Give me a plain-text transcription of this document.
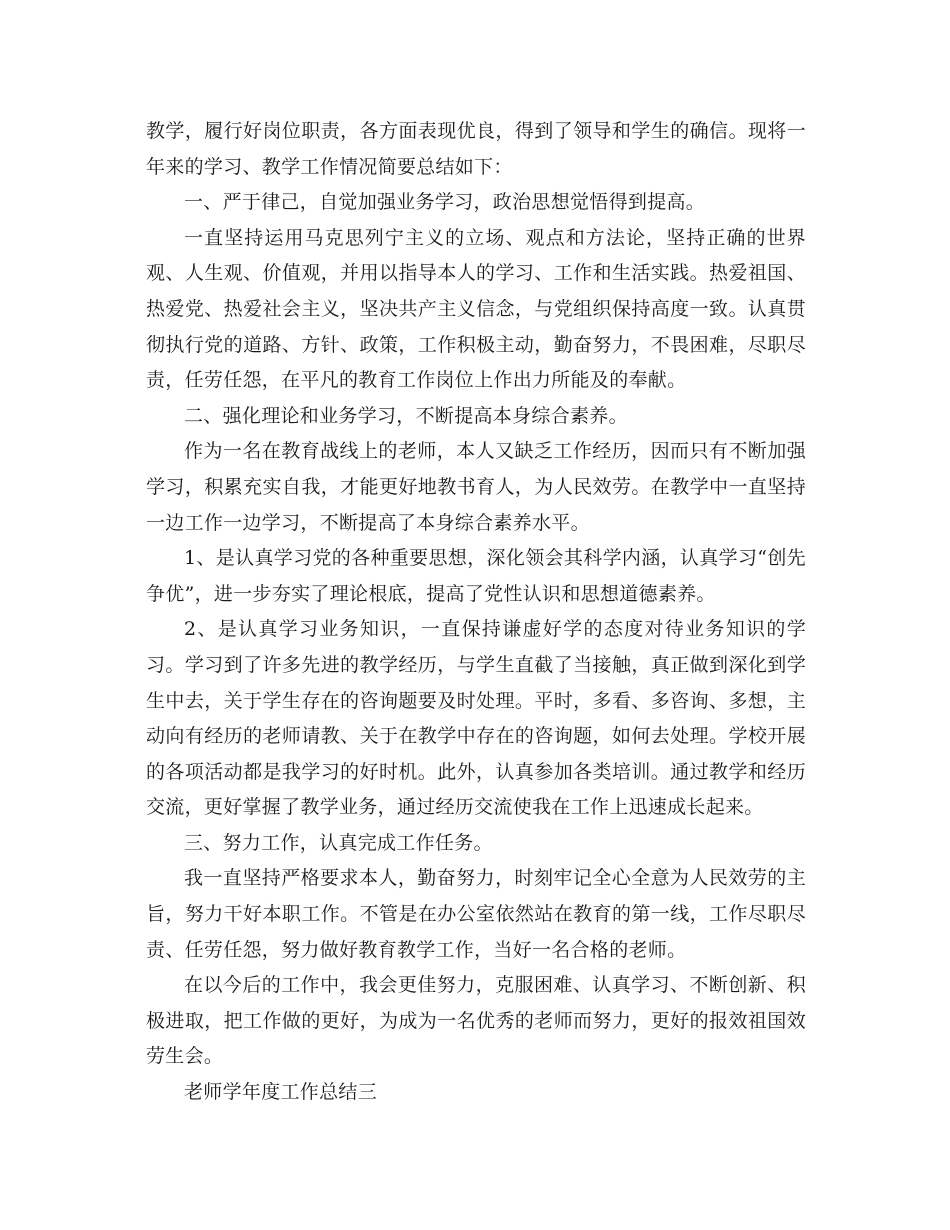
教学，履行好岗位职责，各方面表现优良，得到了领导和学生的确信。现将一年来的学习、教学工作情况简要总结如下：

一、严于律己，自觉加强业务学习，政治思想觉悟得到提高。

一直坚持运用马克思列宁主义的立场、观点和方法论，坚持正确的世界观、人生观、价值观，并用以指导本人的学习、工作和生活实践。热爱祖国、热爱党、热爱社会主义，坚决共产主义信念，与党组织保持高度一致。认真贯彻执行党的道路、方针、政策，工作积极主动，勤奋努力，不畏困难，尽职尽责，任劳任怨，在平凡的教育工作岗位上作出力所能及的奉献。

二、强化理论和业务学习，不断提高本身综合素养。

作为一名在教育战线上的老师，本人又缺乏工作经历，因而只有不断加强学习，积累充实自我，才能更好地教书育人，为人民效劳。在教学中一直坚持一边工作一边学习，不断提高了本身综合素养水平。

1、是认真学习党的各种重要思想，深化领会其科学内涵，认真学习“创先争优”，进一步夯实了理论根底，提高了党性认识和思想道德素养。

2、是认真学习业务知识，一直保持谦虚好学的态度对待业务知识的学习。学习到了许多先进的教学经历，与学生直截了当接触，真正做到深化到学生中去，关于学生存在的咨询题要及时处理。平时，多看、多咨询、多想，主动向有经历的老师请教、关于在教学中存在的咨询题，如何去处理。学校开展的各项活动都是我学习的好时机。此外，认真参加各类培训。通过教学和经历交流，更好掌握了教学业务，通过经历交流使我在工作上迅速成长起来。

三、努力工作，认真完成工作任务。

我一直坚持严格要求本人，勤奋努力，时刻牢记全心全意为人民效劳的主旨，努力干好本职工作。不管是在办公室依然站在教育的第一线，工作尽职尽责、任劳任怨，努力做好教育教学工作，当好一名合格的老师。

在以今后的工作中，我会更佳努力，克服困难、认真学习、不断创新、积极进取，把工作做的更好，为成为一名优秀的老师而努力，更好的报效祖国效劳生会。

老师学年度工作总结三
